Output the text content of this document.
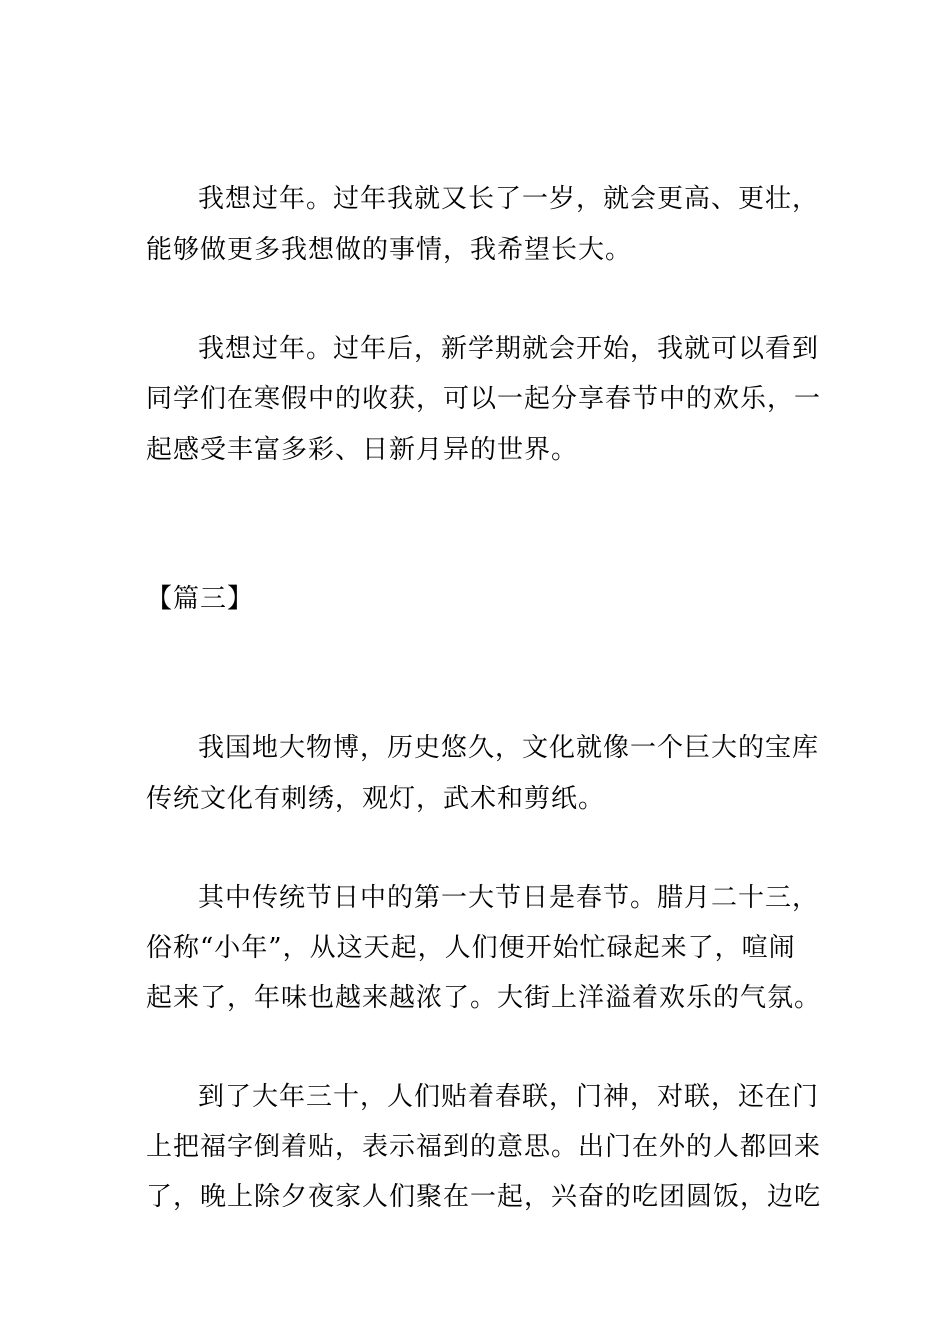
我想过年。过年我就又长了一岁，就会更高、更壮，
能够做更多我想做的事情，我希望长大。
我想过年。过年后，新学期就会开始，我就可以看到
同学们在寒假中的收获，可以一起分享春节中的欢乐，一
起感受丰富多彩、日新月异的世界。
【篇三】
我国地大物博，历史悠久，文化就像一个巨大的宝库
传统文化有刺绣，观灯，武术和剪纸。
其中传统节日中的第一大节日是春节。腊月二十三，
俗称“小年”，从这天起，人们便开始忙碌起来了，喧闹
起来了，年味也越来越浓了。大街上洋溢着欢乐的气氛。
到了大年三十，人们贴着春联，门神，对联，还在门
上把福字倒着贴，表示福到的意思。出门在外的人都回来
了，晚上除夕夜家人们聚在一起，兴奋的吃团圆饭，边吃
